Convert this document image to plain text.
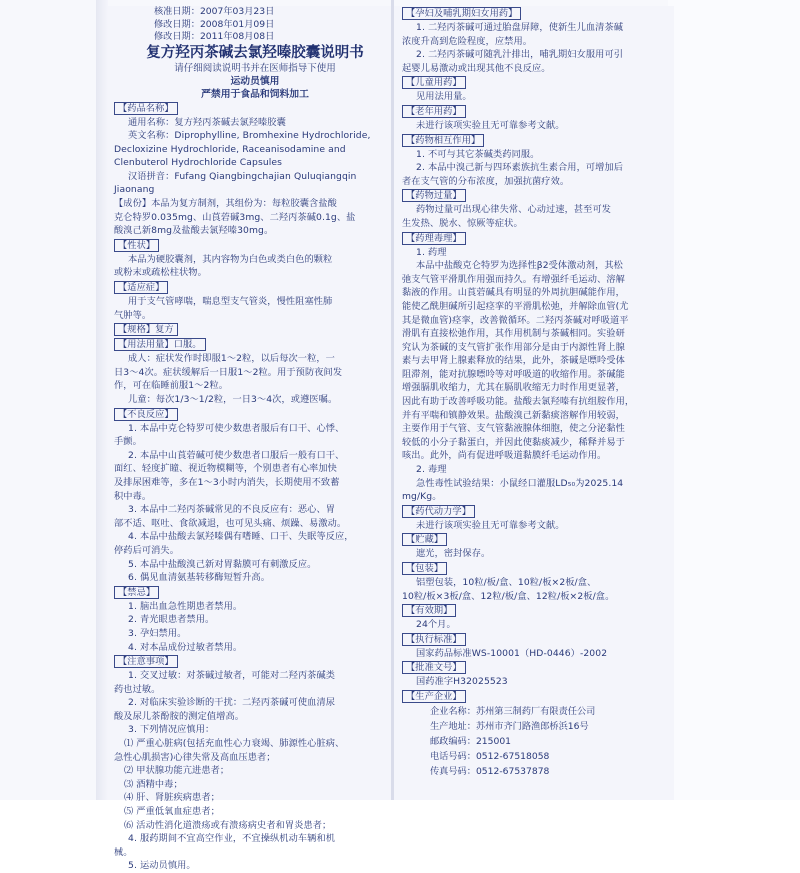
核准日期： 2007年03月23日
修改日期： 2008年01月09日
修改日期： 2011年08月08日
复方羟丙茶碱去氯羟嗪胶囊说明书
请仔细阅读说明书并在医师指导下使用
运动员慎用
严禁用于食品和饲料加工
【药品名称】
通用名称：复方羟丙茶碱去氯羟嗪胶囊
英文名称：Diprophylline, Bromhexine Hydrochloride,
Decloxizine Hydrochloride, Raceanisodamine and
Clenbuterol Hydrochloride Capsules
汉语拼音：Fufang Qiangbingchajian Quluqiangqin
Jiaonang
【成份】本品为复方制剂，其组份为：每粒胶囊含盐酸
克仑特罗0.035mg、山莨菪碱3mg、二羟丙茶碱0.1g、盐
酸溴己新8mg及盐酸去氯羟嗪30mg。
【性状】
本品为硬胶囊剂，其内容物为白色或类白色的颗粒
或粉末或疏松柱状物。
【适应症】
用于支气管哮喘，喘息型支气管炎，慢性阻塞性肺
气肿等。
【规格】复方
【用法用量】口服。
成人：症状发作时即服1～2粒，以后每次一粒，一
日3～4次。症状缓解后一日服1～2粒。用于预防夜间发
作，可在临睡前服1～2粒。
儿童：每次1/3～1/2粒，一日3～4次，或遵医嘱。
【不良反应】
1. 本品中克仑特罗可使少数患者服后有口干、心悸、
手颤。
2. 本品中山莨菪碱可使少数患者口服后一般有口干、
面红、轻度扩瞳、视近物模糊等，个别患者有心率加快
及排尿困难等，多在1～3小时内消失，长期使用不致蓄
积中毒。
3. 本品中二羟丙茶碱常见的不良反应有：恶心、胃
部不适、呕吐、食欲减退，也可见头痛、烦躁、易激动。
4. 本品中盐酸去氯羟嗪偶有嗜睡、口干、失眠等反应，
停药后可消失。
5. 本品中盐酸溴己新对胃黏膜可有刺激反应。
6. 偶见血清氨基转移酶短暂升高。
【禁忌】
1. 脑出血急性期患者禁用。
2. 青光眼患者禁用。
3. 孕妇禁用。
4. 对本品成份过敏者禁用。
【注意事项】
1. 交叉过敏：对茶碱过敏者，可能对二羟丙茶碱类
药也过敏。
2. 对临床实验诊断的干扰：二羟丙茶碱可使血清尿
酸及尿儿茶酚胺的测定值增高。
3. 下列情况应慎用：
⑴ 严重心脏病(包括充血性心力衰竭、肺源性心脏病、
急性心肌损害)心律失常及高血压患者；
⑵ 甲状腺功能亢进患者；
⑶ 酒精中毒；
⑷ 肝、肾脏疾病患者；
⑸ 严重低氧血症患者；
⑹ 活动性消化道溃疡或有溃疡病史者和胃炎患者；
4. 服药期间不宜高空作业，不宜操纵机动车辆和机
械。
5. 运动员慎用。
【孕妇及哺乳期妇女用药】
1. 二羟丙茶碱可通过胎盘屏障，使新生儿血清茶碱
浓度升高到危险程度，应禁用。
2. 二羟丙茶碱可随乳汁排出，哺乳期妇女服用可引
起婴儿易激动或出现其他不良反应。
【儿童用药】
见用法用量。
【老年用药】
未进行该项实验且无可靠参考文献。
【药物相互作用】
1. 不可与其它茶碱类药同服。
2. 本品中溴己新与四环素族抗生素合用，可增加后
者在支气管的分布浓度，加强抗菌疗效。
【药物过量】
药物过量可出现心律失常、心动过速，甚至可发
生发热、脱水、惊厥等症状。
【药理毒理】
1. 药理
本品中盐酸克仑特罗为选择性β2受体激动剂，其松
弛支气管平滑肌作用强而持久。有增强纤毛运动、溶解
黏液的作用。山莨菪碱具有明显的外周抗胆碱能作用，
能使乙酰胆碱所引起痉挛的平滑肌松弛，并解除血管(尤
其是微血管)痉挛，改善微循环。二羟丙茶碱对呼吸道平
滑肌有直接松弛作用，其作用机制与茶碱相同。实验研
究认为茶碱的支气管扩张作用部分是由于内源性肾上腺
素与去甲肾上腺素释放的结果，此外，茶碱是嘌呤受体
阻滞剂，能对抗腺嘌呤等对呼吸道的收缩作用。茶碱能
增强膈肌收缩力，尤其在膈肌收缩无力时作用更显著，
因此有助于改善呼吸功能。盐酸去氯羟嗪有抗组胺作用，
并有平喘和镇静效果。盐酸溴己新黏痰溶解作用较弱，
主要作用于气管、支气管黏液腺体细胞，使之分泌黏性
较低的小分子黏蛋白，并因此使黏痰减少，稀释并易于
咳出。此外，尚有促进呼吸道黏膜纤毛运动作用。
2. 毒理
急性毒性试验结果：小鼠经口灌服LD₅₀为2025.14
mg/Kg。
【药代动力学】
未进行该项实验且无可靠参考文献。
【贮藏】
遮光，密封保存。
【包装】
铝塑包装，10粒/板/盒、10粒/板×2板/盒、
10粒/板×3板/盒、12粒/板/盒、12粒/板×2板/盒。
【有效期】
24个月。
【执行标准】
国家药品标准WS-10001（HD-0446）-2002
【批准文号】
国药准字H32025523
【生产企业】
企业名称： 苏州第三制药厂有限责任公司
生产地址： 苏州市齐门路渔郎桥浜16号
邮政编码： 215001
电话号码： 0512-67518058
传真号码： 0512-67537878
